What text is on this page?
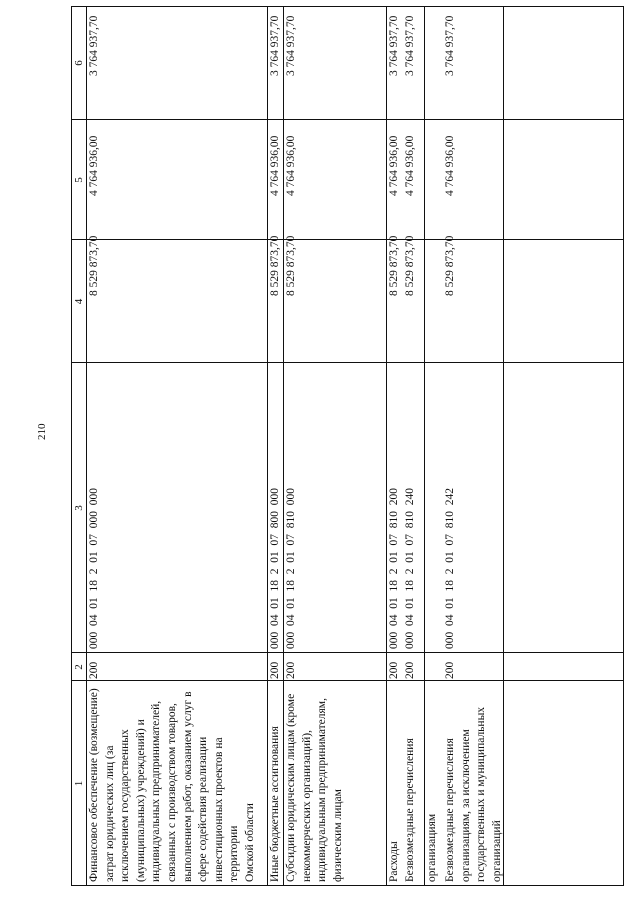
210
1
2
3
4
5
6
Финансовое обеспечение (возмещение) затрат юридических лиц (за исключением государственных (муниципальных) учреждений) и индивидуальных предпринимателей, связанных с производством товаров, выполнением работ, оказанием услуг в сфере содействия реализации инвестиционных проектов на территории Омской области
200
000  04  01  18  2  01  07  000  000
8 529 873,70
4 764 936,00
3 764 937,70
Иные бюджетные ассигнования
200
000  04  01  18  2  01  07  800  000
8 529 873,70
4 764 936,00
3 764 937,70
Субсидии юридическим лицам (кроме некоммерческих организаций), индивидуальным предпринимателям, физическим лицам
200
000  04  01  18  2  01  07  810  000
8 529 873,70
4 764 936,00
3 764 937,70
Расходы
200
000  04  01  18  2  01  07  810  200
8 529 873,70
4 764 936,00
3 764 937,70
Безвозмездные перечисления организациям
200
000  04  01  18  2  01  07  810  240
8 529 873,70
4 764 936,00
3 764 937,70
Безвозмездные перечисления организациям, за исключением государственных и муниципальных организаций
200
000  04  01  18  2  01  07  810  242
8 529 873,70
4 764 936,00
3 764 937,70
